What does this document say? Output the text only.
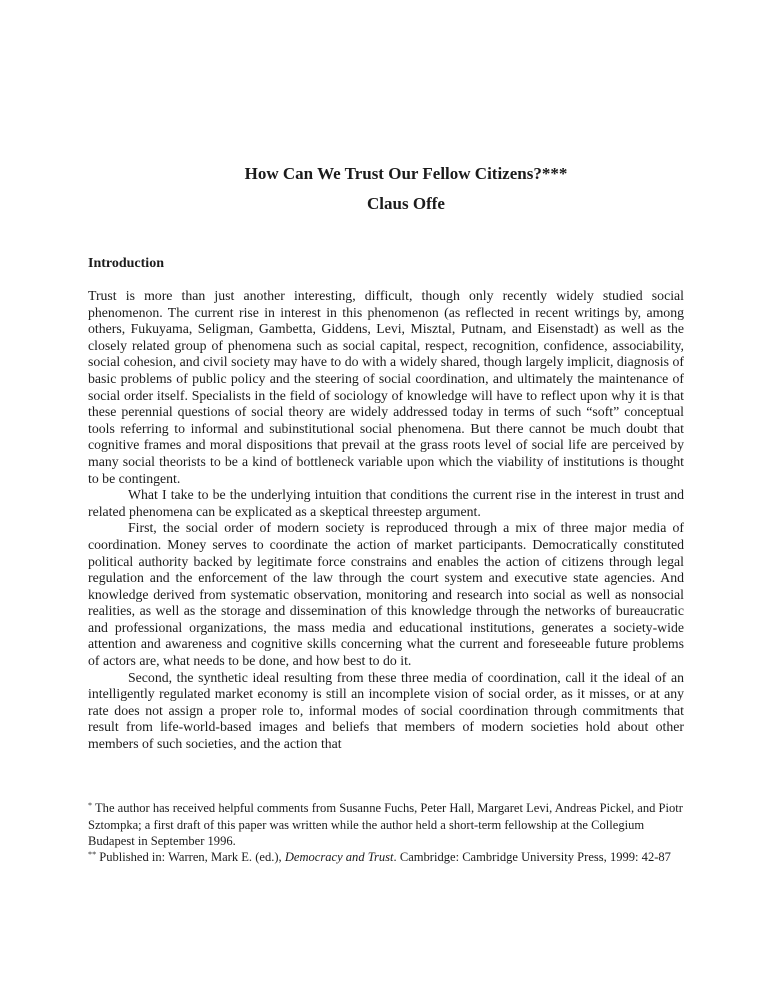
How Can We Trust Our Fellow Citizens?***
Claus Offe
Introduction

Trust is more than just another interesting, difficult, though only recently widely studied social phenomenon. The current rise in interest in this phenomenon (as reflected in recent writings by, among others, Fukuyama, Seligman, Gambetta, Giddens, Levi, Misztal, Putnam, and Eisenstadt) as well as the closely related group of phenomena such as social capital, respect, recognition, confidence, associability, social cohesion, and civil society may have to do with a widely shared, though largely implicit, diagnosis of basic problems of public policy and the steering of social coordination, and ultimately the maintenance of social order itself. Specialists in the field of sociology of knowledge will have to reflect upon why it is that these perennial questions of social theory are widely addressed today in terms of such “soft” conceptual tools referring to informal and subinstitutional social phenomena. But there cannot be much doubt that cognitive frames and moral dispositions that prevail at the grass roots level of social life are perceived by many social theorists to be a kind of bottleneck variable upon which the viability of institutions is thought to be contingent.

What I take to be the underlying intuition that conditions the current rise in the interest in trust and related phenomena can be explicated as a skeptical threestep argument.

First, the social order of modern society is reproduced through a mix of three major media of coordination. Money serves to coordinate the action of market participants. Democratically constituted political authority backed by legitimate force constrains and enables the action of citizens through legal regulation and the enforcement of the law through the court system and executive state agencies. And knowledge derived from systematic observation, monitoring and research into social as well as nonsocial realities, as well as the storage and dissemination of this knowledge through the networks of bureaucratic and professional organizations, the mass media and educational institutions, generates a society-wide attention and awareness and cognitive skills concerning what the current and foreseeable future problems of actors are, what needs to be done, and how best to do it.

Second, the synthetic ideal resulting from these three media of coordination, call it the ideal of an intelligently regulated market economy is still an incomplete vision of social order, as it misses, or at any rate does not assign a proper role to, informal modes of social coordination through commitments that result from life-world-based images and beliefs that members of modern societies hold about other members of such societies, and the action that

* The author has received helpful comments from Susanne Fuchs, Peter Hall, Margaret Levi, Andreas Pickel, and Piotr Sztompka; a first draft of this paper was written while the author held a short-term fellowship at the Collegium Budapest in September 1996.

** Published in: Warren, Mark E. (ed.), Democracy and Trust. Cambridge: Cambridge University Press, 1999: 42-87
